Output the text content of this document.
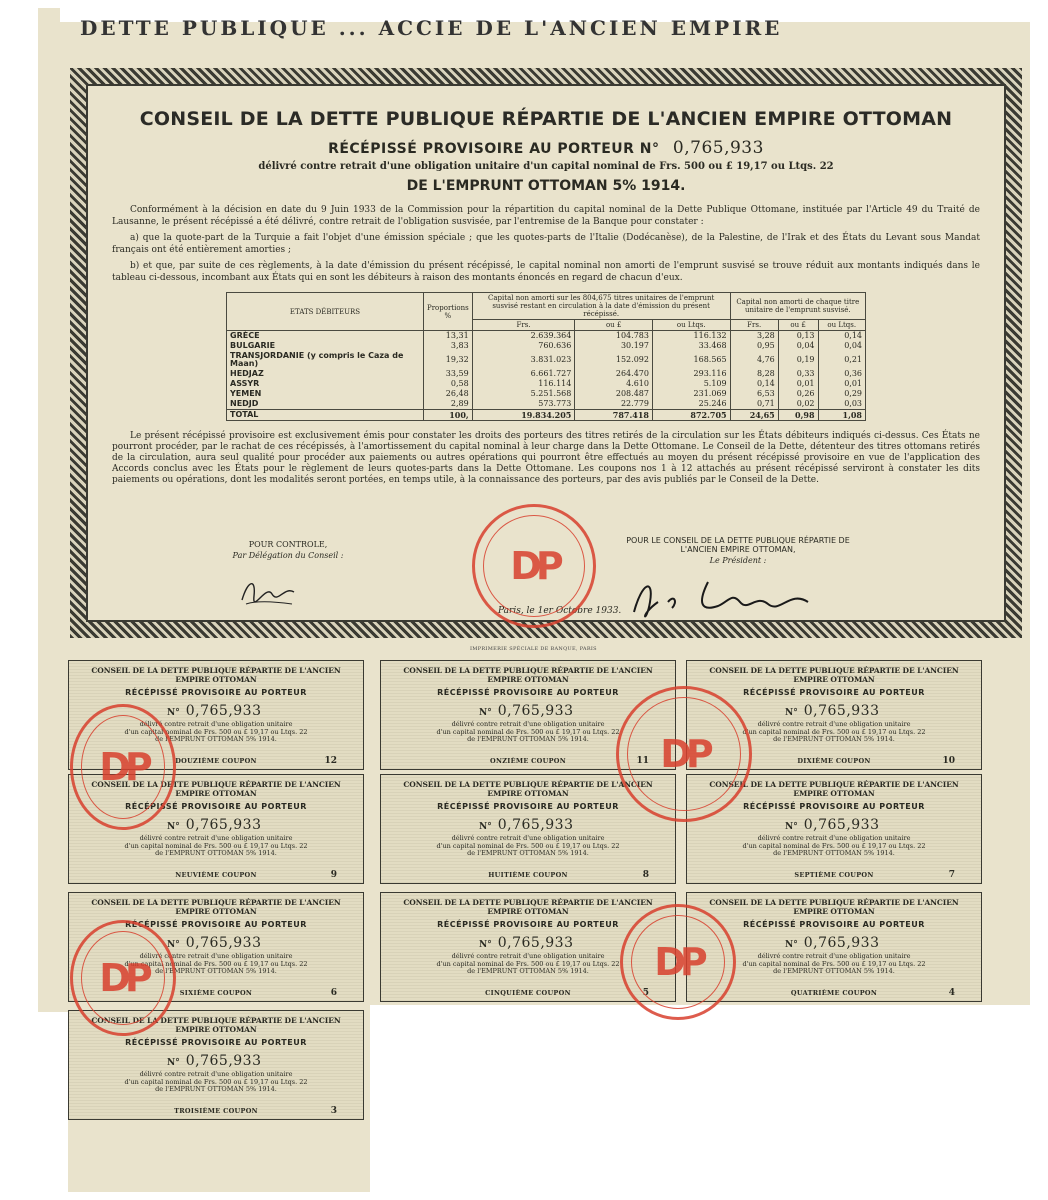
DETTE PUBLIQUE ... ACCIE DE L'ANCIEN EMPIRE
CONSEIL DE LA DETTE PUBLIQUE RÉPARTIE DE L'ANCIEN EMPIRE OTTOMAN
RÉCÉPISSÉ PROVISOIRE AU PORTEUR N° 0,765,933
délivré contre retrait d'une obligation unitaire d'un capital nominal de Frs. 500 ou £ 19,17 ou Ltqs. 22
DE L'EMPRUNT OTTOMAN 5% 1914.

Conformément à la décision en date du 9 Juin 1933 de la Commission pour la répartition du capital nominal de la Dette Publique Ottomane, instituée par l'Article 49 du Traité de Lausanne, le présent récépissé a été délivré, contre retrait de l'obligation susvisée, par l'entremise de la Banque pour constater :

a) que la quote-part de la Turquie a fait l'objet d'une émission spéciale ; que les quotes-parts de l'Italie (Dodécanèse), de la Palestine, de l'Irak et des États du Levant sous Mandat français ont été entièrement amorties ;

b) et que, par suite de ces règlements, à la date d'émission du présent récépissé, le capital nominal non amorti de l'emprunt susvisé se trouve réduit aux montants indiqués dans le tableau ci-dessous, incombant aux États qui en sont les débiteurs à raison des montants énoncés en regard de chacun d'eux.

ETATS DÉBITEURS	Proportions %	Capital non amorti sur les 804,675 titres unitaires de l'emprunt susvisé restant en circulation à la date d'émission du présent récépissé.			Capital non amorti de chaque titre unitaire de l'emprunt susvisé.		
		Frs.	ou £	ou Ltqs.	Frs.	ou £	ou Ltqs.
GRÈCE	13,31	2.639.364	104.783	116.132	3,28	0,13	0,14
BULGARIE	3,83	760.636	30.197	33.468	0,95	0,04	0,04
TRANSJORDANIE (y compris le Caza de Maan)	19,32	3.831.023	152.092	168.565	4,76	0,19	0,21
HEDJAZ	33,59	6.661.727	264.470	293.116	8,28	0,33	0,36
ASSYR	0,58	116.114	4.610	5.109	0,14	0,01	0,01
YEMEN	26,48	5.251.568	208.487	231.069	6,53	0,26	0,29
NEDJD	2,89	573.773	22.779	25.246	0,71	0,02	0,03
TOTAL	100,	19.834.205	787.418	872.705	24,65	0,98	1,08
Le présent récépissé provisoire est exclusivement émis pour constater les droits des porteurs des titres retirés de la circulation sur les États débiteurs indiqués ci-dessus. Ces États ne pourront procéder, par le rachat de ces récépissés, à l'amortissement du capital nominal à leur charge dans la Dette Ottomane. Le Conseil de la Dette, détenteur des titres ottomans retirés de la circulation, aura seul qualité pour procéder aux paiements ou autres opérations qui pourront être effectués au moyen du présent récépissé provisoire en vue de l'application des Accords conclus avec les États pour le règlement de leurs quotes-parts dans la Dette Ottomane. Les coupons nos 1 à 12 attachés au présent récépissé serviront à constater les dits paiements ou opérations, dont les modalités seront portées, en temps utile, à la connaissance des porteurs, par des avis publiés par le Conseil de la Dette.
POUR CONTROLE,
Par Délégation du Conseil :
POUR LE CONSEIL DE LA DETTE PUBLIQUE RÉPARTIE DE L'ANCIEN EMPIRE OTTOMAN,
Le Président :
Paris, le 1er Octobre 1933.
DP
IMPRIMERIE SPÉCIALE DE BANQUE, PARIS
CONSEIL DE LA DETTE PUBLIQUE RÉPARTIE DE L'ANCIEN EMPIRE OTTOMAN
RÉCÉPISSÉ PROVISOIRE AU PORTEUR
N° 0,765,933
délivré contre retrait d'une obligation unitaire
d'un capital nominal de Frs. 500 ou £ 19,17 ou Ltqs. 22
de l'EMPRUNT OTTOMAN 5% 1914.
DOUZIÈME COUPON	12
CONSEIL DE LA DETTE PUBLIQUE RÉPARTIE DE L'ANCIEN EMPIRE OTTOMAN
RÉCÉPISSÉ PROVISOIRE AU PORTEUR
N° 0,765,933
délivré contre retrait d'une obligation unitaire
d'un capital nominal de Frs. 500 ou £ 19,17 ou Ltqs. 22
de l'EMPRUNT OTTOMAN 5% 1914.
ONZIÈME COUPON	11
CONSEIL DE LA DETTE PUBLIQUE RÉPARTIE DE L'ANCIEN EMPIRE OTTOMAN
RÉCÉPISSÉ PROVISOIRE AU PORTEUR
N° 0,765,933
délivré contre retrait d'une obligation unitaire
d'un capital nominal de Frs. 500 ou £ 19,17 ou Ltqs. 22
de l'EMPRUNT OTTOMAN 5% 1914.
DIXIÈME COUPON	10
CONSEIL DE LA DETTE PUBLIQUE RÉPARTIE DE L'ANCIEN EMPIRE OTTOMAN
RÉCÉPISSÉ PROVISOIRE AU PORTEUR
N° 0,765,933
délivré contre retrait d'une obligation unitaire
d'un capital nominal de Frs. 500 ou £ 19,17 ou Ltqs. 22
de l'EMPRUNT OTTOMAN 5% 1914.
NEUVIÈME COUPON	9
CONSEIL DE LA DETTE PUBLIQUE RÉPARTIE DE L'ANCIEN EMPIRE OTTOMAN
RÉCÉPISSÉ PROVISOIRE AU PORTEUR
N° 0,765,933
délivré contre retrait d'une obligation unitaire
d'un capital nominal de Frs. 500 ou £ 19,17 ou Ltqs. 22
de l'EMPRUNT OTTOMAN 5% 1914.
HUITIÈME COUPON	8
CONSEIL DE LA DETTE PUBLIQUE RÉPARTIE DE L'ANCIEN EMPIRE OTTOMAN
RÉCÉPISSÉ PROVISOIRE AU PORTEUR
N° 0,765,933
délivré contre retrait d'une obligation unitaire
d'un capital nominal de Frs. 500 ou £ 19,17 ou Ltqs. 22
de l'EMPRUNT OTTOMAN 5% 1914.
SEPTIÈME COUPON	7
CONSEIL DE LA DETTE PUBLIQUE RÉPARTIE DE L'ANCIEN EMPIRE OTTOMAN
RÉCÉPISSÉ PROVISOIRE AU PORTEUR
N° 0,765,933
délivré contre retrait d'une obligation unitaire
d'un capital nominal de Frs. 500 ou £ 19,17 ou Ltqs. 22
de l'EMPRUNT OTTOMAN 5% 1914.
SIXIÈME COUPON	6
CONSEIL DE LA DETTE PUBLIQUE RÉPARTIE DE L'ANCIEN EMPIRE OTTOMAN
RÉCÉPISSÉ PROVISOIRE AU PORTEUR
N° 0,765,933
délivré contre retrait d'une obligation unitaire
d'un capital nominal de Frs. 500 ou £ 19,17 ou Ltqs. 22
de l'EMPRUNT OTTOMAN 5% 1914.
CINQUIÈME COUPON	5
CONSEIL DE LA DETTE PUBLIQUE RÉPARTIE DE L'ANCIEN EMPIRE OTTOMAN
RÉCÉPISSÉ PROVISOIRE AU PORTEUR
N° 0,765,933
délivré contre retrait d'une obligation unitaire
d'un capital nominal de Frs. 500 ou £ 19,17 ou Ltqs. 22
de l'EMPRUNT OTTOMAN 5% 1914.
QUATRIÈME COUPON	4
CONSEIL DE LA DETTE PUBLIQUE RÉPARTIE DE L'ANCIEN EMPIRE OTTOMAN
RÉCÉPISSÉ PROVISOIRE AU PORTEUR
N° 0,765,933
délivré contre retrait d'une obligation unitaire
d'un capital nominal de Frs. 500 ou £ 19,17 ou Ltqs. 22
de l'EMPRUNT OTTOMAN 5% 1914.
TROISIÈME COUPON	3
DP	DP
DP	DP
